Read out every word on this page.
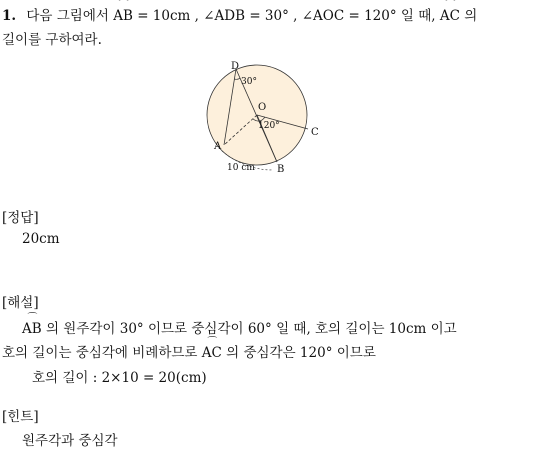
1. 다음 그림에서
⌒
AB = 10cm , ∠ADB = 30° , ∠AOC = 120° 일 때,
⌒
AC 의
길이를 구하여라.
D
30°
O
120°
A
C
10 cm B
[정답]
20cm
[해설]
⌒
AB 의 원주각이 30° 이므로 중심각이 60° 일 때, 호의 길이는 10cm 이고
호의 길이는 중심각에 비례하므로
⌒
AC 의 중심각은 120° 이므로
호의 길이 : 2×10 = 20(cm)
[힌트]
원주각과 중심각
